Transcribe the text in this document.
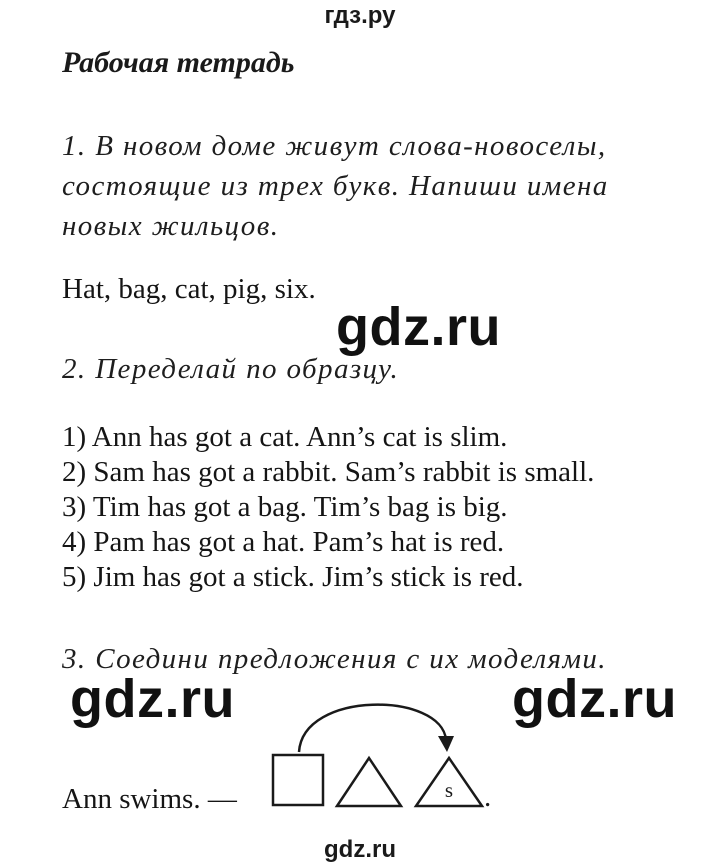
гдз.ру
Рабочая тетрадь
1. В новом доме живут слова-новоселы,
состоящие из трех букв. Напиши имена
новых жильцов.
Hat, bag, cat, pig, six.
gdz.ru
2. Переделай по образцу.
1) Ann has got a cat. Ann’s cat is slim.
2) Sam has got a rabbit. Sam’s rabbit is small.
3) Tim has got a bag. Tim’s bag is big.
4) Pam has got a hat. Pam’s hat is red.
5) Jim has got a stick. Jim’s stick is red.
3. Соедини предложения с их моделями.
gdz.ru	gdz.ru
Ann swims. —	s .
gdz.ru
